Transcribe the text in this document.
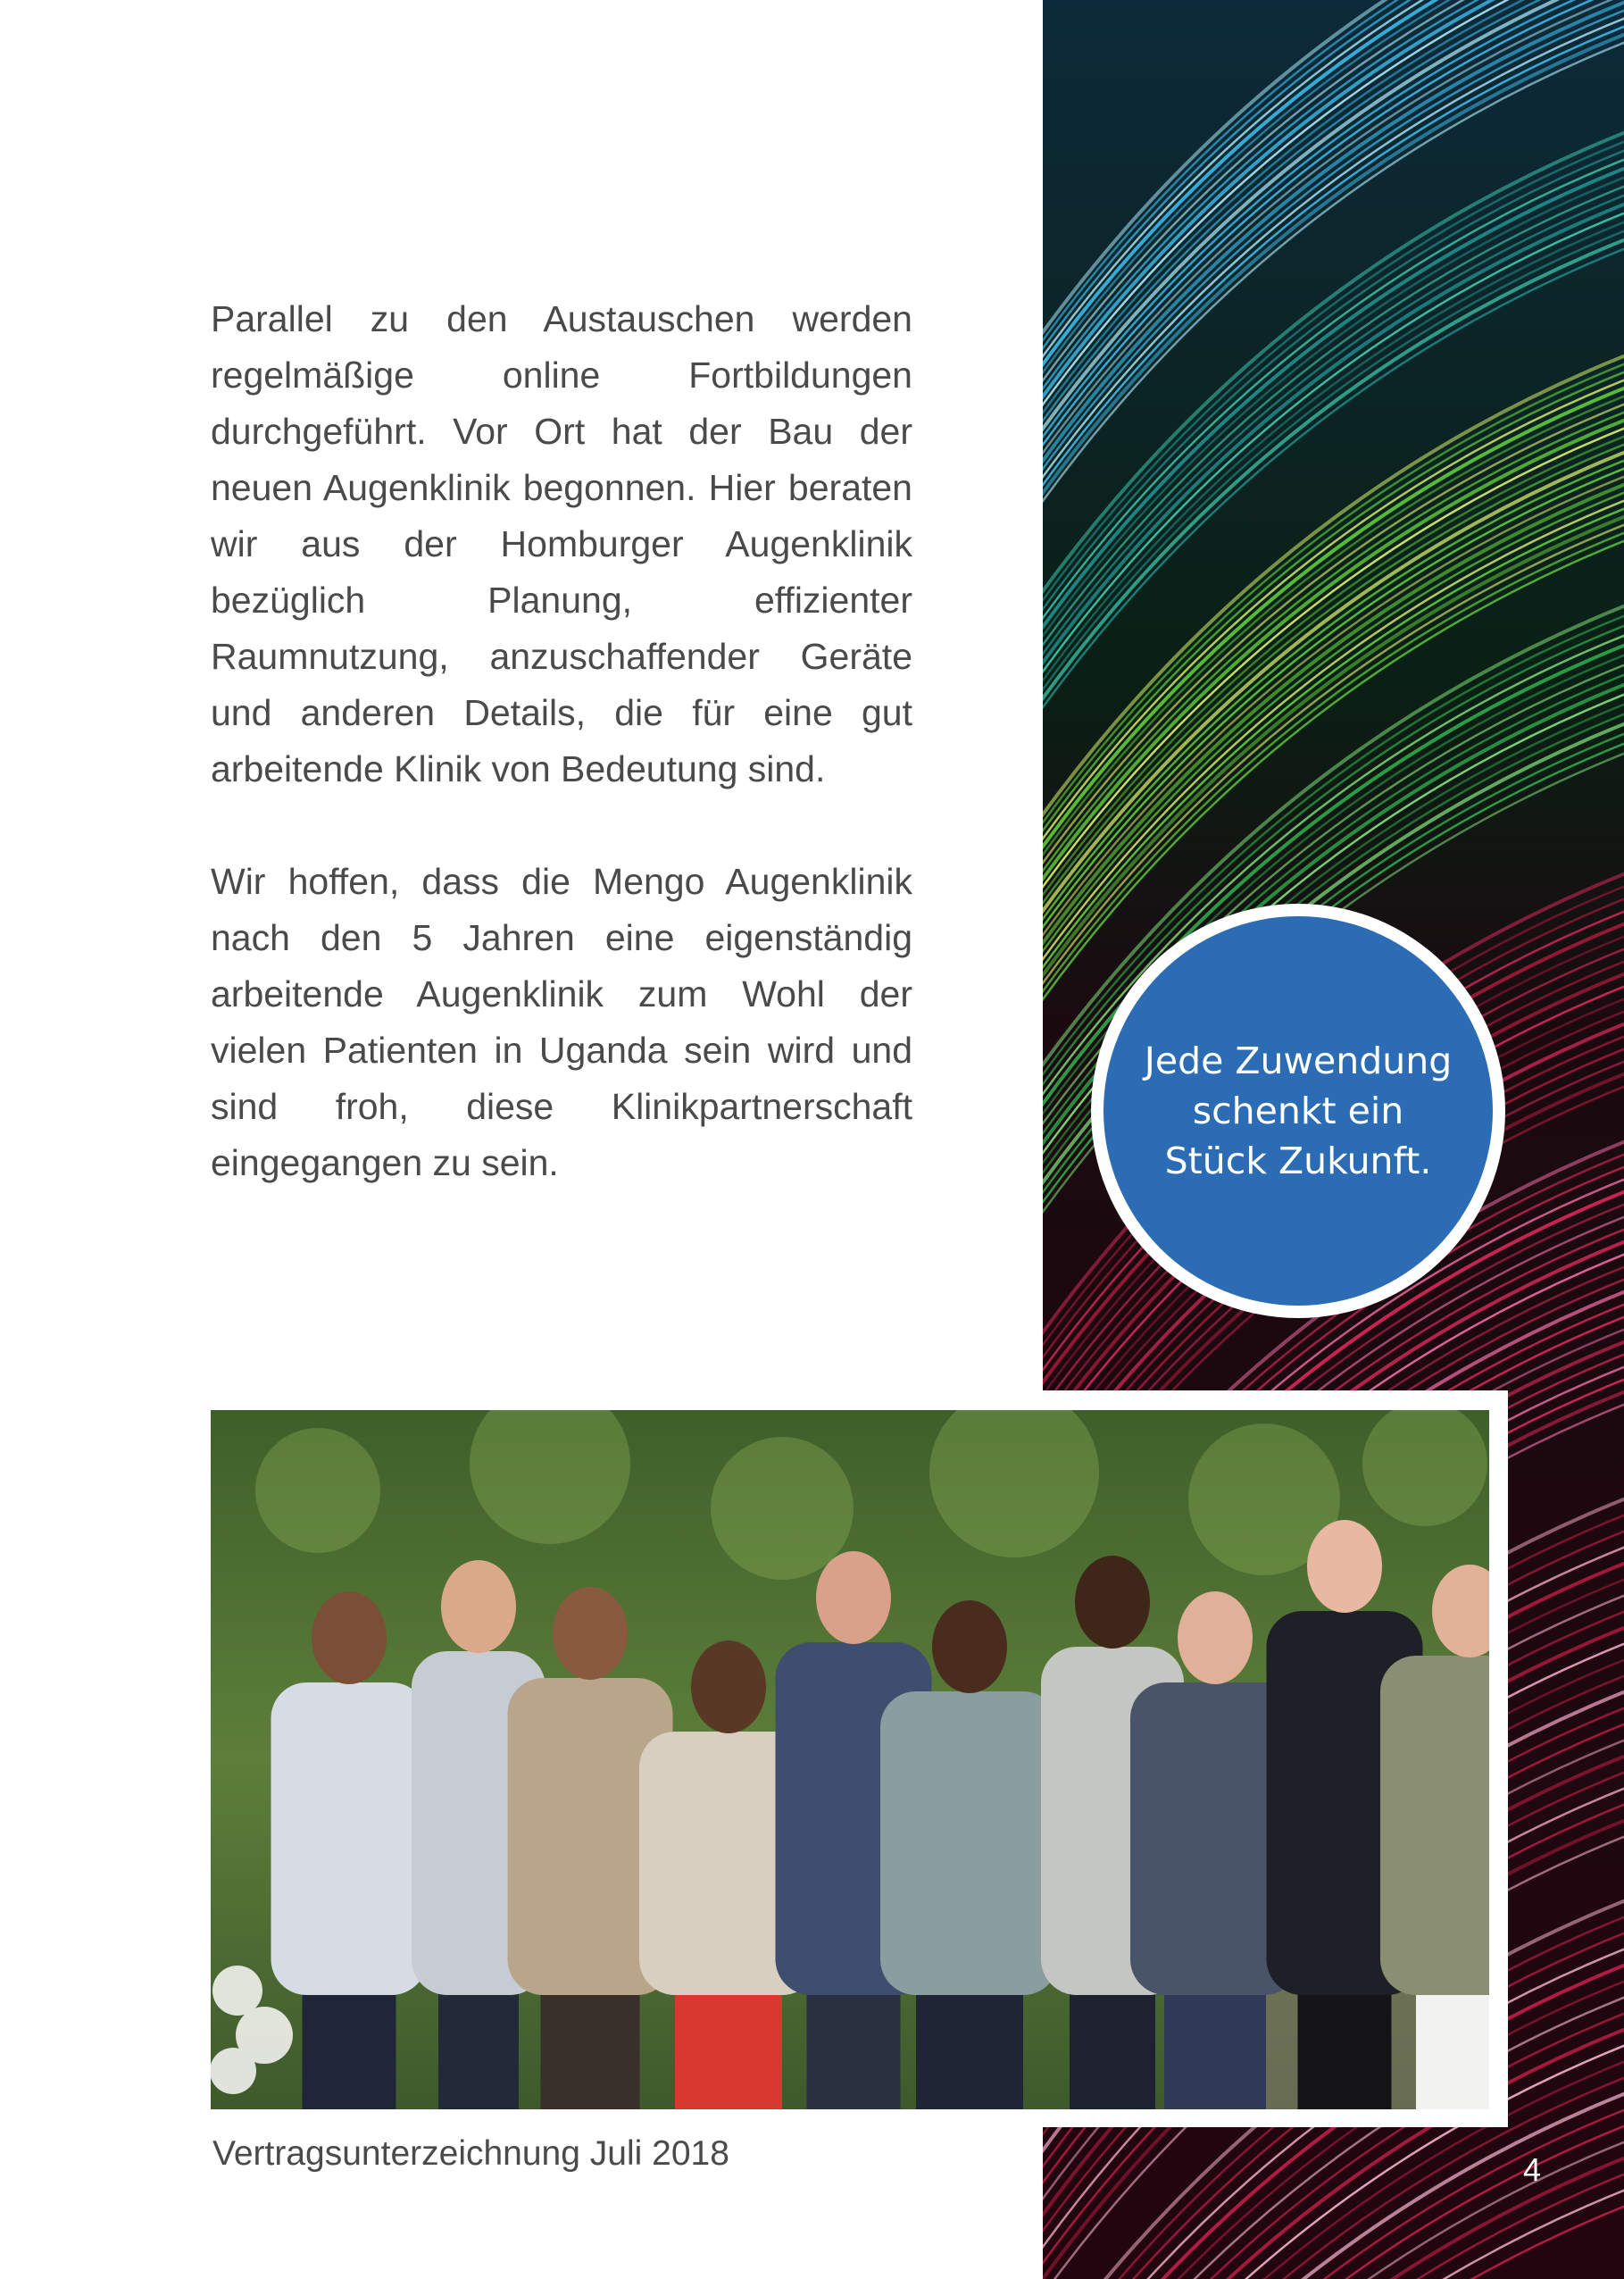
Parallel zu den Austauschen werden regelmäßige online Fortbildungen durchgeführt. Vor Ort hat der Bau der neuen Augenklinik begonnen. Hier beraten wir aus der Homburger Augenklinik bezüglich Planung, effizienter Raumnutzung, anzuschaffender Geräte und anderen Details, die für eine gut arbeitende Klinik von Bedeutung sind.

Wir hoffen, dass die Mengo Augenklinik nach den 5 Jahren eine eigenständig arbeitende Augenklinik zum Wohl der vielen Patienten in Uganda sein wird und sind froh, diese Klinikpartnerschaft eingegangen zu sein.

Jede Zuwendung schenkt ein Stück Zukunft.
Vertragsunterzeichnung Juli 2018	4
